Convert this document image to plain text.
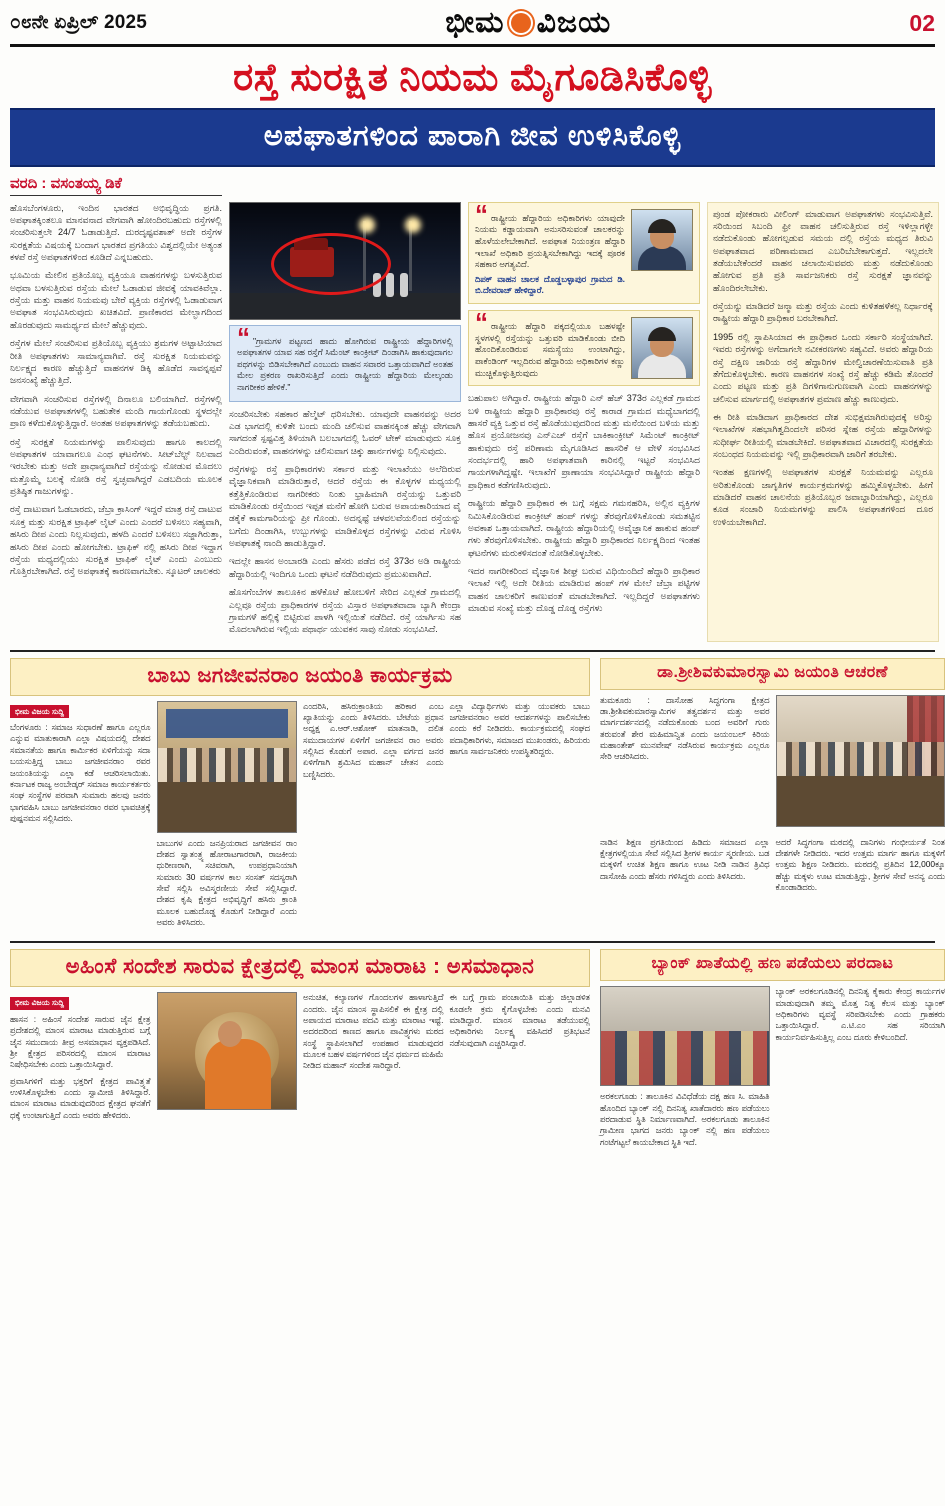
೦೮ನೇ ಏಪ್ರಿಲ್ 2025	ಭೀಮ ವಿಜಯ	02
ರಸ್ತೆ ಸುರಕ್ಷಿತ ನಿಯಮ ಮೈಗೂಡಿಸಿಕೊಳ್ಳಿ
ಅಪಘಾತಗಳಿಂದ ಪಾರಾಗಿ ಜೀವ ಉಳಿಸಿಕೊಳ್ಳಿ
ವರದಿ : ವಸಂತಯ್ಯ ಡಿಕೆ

ಹೊಸಬೆಂಗಳೂರು, ಇಂದಿನ ಭಾರತದ ಅಭಿವೃದ್ಧಿಯ ಪ್ರಗತಿ. ಅಪಘಾತಕ್ಕಿಂತಲೂ ಮಾನವನಾದ ವೇಗವಾಗಿ ಹೋಂದಿರಬಹುದು ರಸ್ತೆಗಳಲ್ಲಿ ಸಂಚರಿಸುತ್ತಲೇ 24/7 ಓಡಾಡುತ್ತಿದೆ. ದುರದೃಷ್ಟವಶಾತ್ ಅದೇ ರಸ್ತೆಗಳ ಸುರಕ್ಷತೆಯ ವಿಷಯಕ್ಕೆ ಬಂದಾಗ ಭಾರತದ ಪ್ರಗತಿಯು ವಿಶ್ವದಲ್ಲಿಯೇ ಅತ್ಯಂತ ಕಳಪೆ ರಸ್ತೆ ಅಪಘಾತಗಳಿಂದ ಕೂಡಿದೆ ಎನ್ನಬಹುದು.

ಭೂಮಿಯ ಮೇಲಿನ ಪ್ರತಿಯೊಬ್ಬ ವ್ಯಕ್ತಿಯೂ ವಾಹನಗಳನ್ನು ಬಳಸುತ್ತಿರುವ ಅಥವಾ ಬಳಸುತ್ತಿರುವ ರಸ್ತೆಯ ಮೇಲೆ ಓಡಾಡುವ ಜೀವಕ್ಕೆ ಯಾವಕಿವೆಲ್ಲಾ. ರಸ್ತೆಯ ಮತ್ತು ವಾಹನ ನಿಯಮವು ಬೇರೆ ವ್ಯಕ್ತಿಯ ರಸ್ತೆಗಳಲ್ಲಿ ಓಡಾಡುವಾಗ ಅವಘಾತ ಸಂಭವಿಸಿರುವುದು ಖಚಿತವಿದೆ. ಪ್ರಾಣಿಕಾರದ ಮೇಲ್ಭಾಗದಿಂದ ಹೊರಡುವುದು ಸಾಮರ್ಥ್ಯದ ಮೇಲೆ ಹೆಚ್ಚುವುದು.

ರಸ್ತೆಗಳ ಮೇಲೆ ಸಂಚರಿಸುವ ಪ್ರತಿಯೊಬ್ಬ ವ್ಯಕ್ತಿಯು ಶ್ರಮಗಳ ಅಟ್ಟಾಟಿಯಾದ ರೀತಿ ಅಪಘಾತಗಳು ಸಾಮಾನ್ಯವಾಗಿವೆ. ರಸ್ತೆ ಸುರಕ್ಷಿತ ನಿಯಮವನ್ನು ನಿರ್ಲಕ್ಷ್ಯದ ಕಾರಣ ಹೆಚ್ಚುತ್ತಿದೆ ವಾಹನಗಳ ಡಿಕ್ಕಿ ಹೊಡೆದ ಸಾವನ್ನಪ್ಪವೆ ಜನಸಂಖ್ಯೆ ಹೆಚ್ಚುತ್ತಿದೆ.

ವೇಗವಾಗಿ ಸಂಚರಿಸುವ ರಸ್ತೆಗಳಲ್ಲಿ ದಿನಾಲೂ ಬಲಿಯಾಗಿದೆ. ರಸ್ತೆಗಳಲ್ಲಿ ನಡೆಯುವ ಅಪಘಾತಗಳಲ್ಲಿ ಬಹುತೇಕ ಮಂದಿ ಗಾಯಗೊಂಡು ಸ್ಥಳದಲ್ಲೇ ಪ್ರಾಣ ಕಳೆದುಕೊಳ್ಳುತ್ತಿದ್ದಾರೆ. ಅಂತಹ ಅಪಘಾತಗಳನ್ನು ತಡೆಯಬಹುದು.

ರಸ್ತೆ ಸುರಕ್ಷತೆ ನಿಯಮಗಳನ್ನು ಪಾಲಿಸುವುದು ಹಾಗೂ ಕಾಲದಲ್ಲಿ ಅಪಘಾತಗಳ ಯಾವಾಗಲೂ ಎಂಥ ಘಟನೆಗಳು. ಸೀಟ್‍ಬೆಲ್ಟ್ ನಿಲವಾದ ಇರಬೇಕು ಮತ್ತು ಅದೇ ಪ್ರಾಧಾನ್ಯವಾಗಿದೆ ರಸ್ತೆಯನ್ನು ನೋಡುವ ಮೊದಲು ಮತ್ತೊಮ್ಮೆ ಬಲಕ್ಕೆ ನೋಡಿ ರಸ್ತೆ ಸ್ವಚ್ಛವಾಗಿದ್ದರೆ ಎಡಬದಿಯ ಮೂಲಕ ಪ್ರತಿಷ್ಠಿತ ಗಾಜುಗಳನ್ನು.

ರಸ್ತೆ ದಾಟುವಾಗ ಓಡಬಾರದು, ಜೆಬ್ರಾ ಕ್ರಾಸಿಂಗ್ ಇದ್ದರೆ ಮಾತ್ರ ರಸ್ತೆ ದಾಟುವ ಸೂಕ್ತ ಮತ್ತು ಸುರಕ್ಷಿತ ಟ್ರಾಫಿಕ್ ಲೈಟ್ ಎಂದು ಎಂದರೆ ಬಳಿಸಲು ಸಹ್ಯವಾಗಿ, ಹಸಿರು ದೀಪ ಎಂದು ನಿಲ್ಲಸುವುದು, ಹಳದಿ ಎಂದರೆ ಬಳಿಸಲು ಸಜ್ಜಾಗಿರುತ್ತಾ, ಹಸಿರು ದೀಪ ಎಂದು ಹೋಗಬೇಕು. ಟ್ರಾಫಿಕ್ ನಲ್ಲಿ ಹಸಿರು ದೀಪ ಇದ್ದಾಗ ರಸ್ತೆಯ ಮಧ್ಯದಲ್ಲಿಯು ಸುರಕ್ಷಿತ ಟ್ರಾಫಿಕ್ ಲೈಟ್ ಎಂದು ಎಂಬುದು ಗೊತ್ತಿರಬೇಕಾಗಿದೆ. ರಸ್ತೆ ಅಪಘಾತಕ್ಕೆ ಕಾರಣವಾಗಬೇಕು. ಸ್ಕೂಟರ್ ಚಾಲಕರು

“ "ಗ್ರಾಮಗಳ ಪಟ್ಟಣದ ಹಾದು ಹೋಗಿರುವ ರಾಷ್ಟ್ರೀಯ ಹೆದ್ದಾರಿಗಳಲ್ಲಿ ಅಪಘಾತಗಳ ಯಾವ ಸಹ ರಸ್ತೆಗೆ ಸಿಮೆಂಟ್ ಕಾಂಕ್ರೀಟ್ ದಿಂಡಾಗಿಸಿ ಹಾಕುವುದಾಗಲ ಪಥಗಳನ್ನು ಬಿಡಿಸಬೇಕಾಗಿದೆ ಎಂಬುದು ವಾಹನ ಸವಾರರ ಒತ್ತಾಯವಾಗಿದೆ ಅಂತಹ ಮೇಲ ಪ್ರಕರಣ ರಾಖರಿಸುತ್ತಿದೆ ಎಂದು ರಾಷ್ಟ್ರೀಯ ಹೆದ್ದಾರಿಯ ಮೇಲ್ಕಂಡು ನಾಗರೀಕರ ಹೇಳಿಕೆ."

ಸಂಚರಿಸಬೇಕು ಸಹಕಾರ ಹೆಲ್ಮೆಟ್ ಧರಿಸಬೇಕು. ಯಾವುದೇ ವಾಹನವನ್ನು ಅದರ ಎಡ ಭಾಗದಲ್ಲಿ ಕುಳಿತೇ ಬಂದು ಮಂದಿ ಚಲಿಸುವ ವಾಹನಕ್ಕಿಂತ ಹೆಚ್ಚು ವೇಗವಾಗಿ ಸಾಗದಂತೆ ಸ್ಪಷ್ಟವಿತ್ತ ತಿಳಿಯಾಗಿ ಬಲಬಾಗದಲ್ಲಿ ಓವರ್ ಟೇಕ್ ಮಾಡುವುದು ಸೂಕ್ತ ಎಂದಿರುವಂತೆ, ವಾಹನಗಳನ್ನು ಚಲಿಸುವಾಗ ಚಿಕ್ಕು ಹಾರ್ನಗಳನ್ನು ನಿಲ್ಲಿಸುವುದು.

ರಸ್ತೆಗಳನ್ನು ರಸ್ತೆ ಪ್ರಾಧಿಕಾರಗಳು ಸರ್ಕಾರ ಮತ್ತು ಇಲಾಖೆಯು ಅಲೆದಿರುವ ವೈಜ್ಞಾನಿಕವಾಗಿ ಮಾಡಿರುತ್ತಾರೆ, ಆದರೆ ರಸ್ತೆಯ ಈ ಕೊಳ್ಳಗಳ ಮಧ್ಯಯಲ್ಲಿ ಕತ್ತೆತ್ತಿಕೊಂಡಿರುವ ನಾಗರೀಕರು ನಿಂತು ಭ್ರಾಹಿಮಾಗಿ ರಸ್ತೆಯನ್ನು ಒತ್ತುವರಿ ಮಾಡಿಕೊಂಡು ರಸ್ತೆಯಿಂದ ಇಪ್ಪತ ಮನೆಗೆ ಹೋಗಿ ಬರುವ ಅಪಾಯಕಾರಿಯಾದ ವೈ ಡಕೈಕೆ ಕಾಮಗಾರಿಯನ್ನು ಪ್ರೀ ಗೊಂಡು. ಅದನ್ನಷ್ಟೆ ಚಳವಲವೆಯಲಿಂದ ರಸ್ತೆಯನ್ನು ಬಗೆದು ದಿಂಡಾಗಿಸಿ, ಉಬ್ಬುಗಳನ್ನು ಮಾಡಿಕೊಳ್ಳದ ರಸ್ತೆಗಳನ್ನು ವಿರುವ ಗೊಳಿಸಿ ಅಪಘಾತಕ್ಕೆ ನಾಂದಿ ಹಾಡುತ್ತಿದ್ದಾರೆ.

ಇದಲ್ಲೇ ಹಾಸನ ಅಂಬಾರಡಿ ಎಂದು ಹೆಸರು ಪಡೆದ ರಸ್ತೆ 373ರ ಅಡಿ ರಾಷ್ಟ್ರೀಯ ಹೆದ್ದಾರಿಯಲ್ಲಿ ಇಂದಿಗೂ ಒಂದು ಘಟನೆ ನಡೆದಿರುವುದು ಪ್ರಮುಖವಾಗಿದೆ.

ಹೊಸಗೆಂಬೆಗಳ ತಾಲೂಕಿನ ಹಳೆಕೊಟೆ ಹೋಬಳಿಗೆ ಸೇರಿದ ಎಲ್ಲಕಡೆ ಗ್ರಾಮದಲ್ಲಿ ಎಲ್ಲವೂ ರಸ್ತೆಯ ಪ್ರಾಧಿಕಾರಗಳ ರಸ್ತೆಯ ವಿಸ್ತಾರ ಅಪಘಾತವಾದಾ ಬ್ಯಾಗಿ ಕೇಂದ್ರಾ ಗ್ರಾಮಗಳೆ ಹಲ್ಲಿಕ್ಕೆ ಬಿಟ್ಟಿರುವ ಪಾಳಗಿ ಇಲ್ಲಿಯಿತೆ ನಡೆದಿದೆ. ರಸ್ತೆ ಯಾರ್ಗಿಸು ಸಹ ಮೊದಲಾಗಿರುವ ಇಲ್ಲಿಯ ಪಥಾರ್ಥ ಯುವಕನ ಸಾವು ನೋಡು ಸಂಭವಿಸಿದೆ.

“ ರಾಷ್ಟ್ರೀಯ ಹೆದ್ದಾರಿಯ ಅಧಿಕಾರಿಗಳು ಯಾವುದೇ ನಿಯಮ ಕಡ್ಡಾಯವಾಗಿ ಅನುಸರಿಸುವಂತೆ ಚಾಲಕರನ್ನು ಹೊಳೆಯಲೇಬೇಕಾಗಿದೆ. ಅಪಘಾತ ನಿಯಂತ್ರಣ ಹೆದ್ದಾರಿ ಇಲಾಖೆ ಅಧಿಕಾರಿ ಪ್ರಯತ್ನಿಸಬೇಕಾಗಿದ್ದು ಇದಕ್ಕೆ ಪೂರಕ ಸಹಕಾರ ಅಗತ್ಯವಿದೆ.
ದಿಪಕ್ ವಾಹನ ಚಾಲಕ ದೊಡ್ಡಬಳ್ಳಾಪುರ ಗ್ರಾಮದ ಡಿ. ಬಿ.ದೇವರಾಜ್ ಹೇಳಿದ್ದಾರೆ.
“ ರಾಷ್ಟ್ರೀಯ ಹೆದ್ದಾರಿ ಪಕ್ಕದಲ್ಲಿಯೂ ಬಹಳಷ್ಟೇ ಸ್ಥಳಗಳಲ್ಲಿ ರಸ್ತೆಯನ್ನು ಒತ್ತುವರಿ ಮಾಡಿಕೊಂಡು ಬೀದಿ ಹೊಂದಿಕೊಂಡಿರುವ ಸಮಸ್ಯೆಯು ಉಂಟಾಗಿದ್ದು, ಪಾಕೆಂಡಿಂಗ್ ಇಲ್ಲದಿರುವ ಹೆದ್ದಾರಿಯ ಅಧಿಕಾರಿಗಳ ಕಣ್ಣು ಮುಚ್ಚಿಕೊಳ್ಳುತ್ತಿರುವುದು

ಬಹುಪಾಲ ಅಗಿದ್ದಾರೆ. ರಾಷ್ಟ್ರೀಯ ಹೆದ್ದಾರಿ ಎನ್ ಹೆಚ್ 373ರ ಎಲ್ಲಕಡೆ ಗ್ರಾಮದ ಬಳಿ ರಾಷ್ಟ್ರೀಯ ಹೆದ್ದಾರಿ ಪ್ರಾಧಿಕಾರವು ರಸ್ತೆ ಕಾರಾಡ ಗ್ರಾಮದ ಮಧ್ಯೆಬಾಗದಲ್ಲಿ ಹಾಸರೆ ವ್ಯಕ್ತಿ ಒತ್ತುವ ರಸ್ತೆ ಹೊಡೆಯುವುದರಿಂದ ಮತ್ತು ಮನೆಯಿಂದ ಬಳಿಯ ಮತ್ತು ಹೊಸ ಪ್ರಯೋಜನವು ಎನ್‍ಎಚ್ ರಸ್ತೆಗೆ ಬಾಕಿಕಾಂಕ್ರೀಟ್ ಸಿಮೆಂಟ್ ಕಾಂಕ್ರೀಟ್ ಹಾಕುವುದು ರಸ್ತೆ ಪರಿಣಾಮ ಮೈಗೂಡಿಸಿದ ಹಾಸರಿಕೆ ಆ ವೇಳೆ ಸಂಭವಿಸಿದ ಸಂದರ್ಭದಲ್ಲಿ ಹಾರಿ ಅಪಘಾತವಾಗಿ ಕಾರಿನಲ್ಲಿ ಇಟ್ಟರೆ ಸಂಭವಿಸಿದ ಗಾಯಗಳಾಗಿದ್ದಷ್ಟೇ. ಇಲಾಖೆಗೆ ಪ್ರಾಣಾಯಾ ಸಂಭವಿಸಿದ್ದಾರೆ ರಾಷ್ಟ್ರೀಯ ಹೆದ್ದಾರಿ ಪ್ರಾಧಿಕಾರ ಕಡೆಗಣಿಸಿರುವುದು.

ರಾಷ್ಟ್ರೀಯ ಹೆದ್ದಾರಿ ಪ್ರಾಧಿಕಾರ ಈ ಬಗ್ಗೆ ಸಕ್ಷಮ ಗಮನಹರಿಸಿ, ಅಲ್ಲಿನ ವ್ಯಕ್ತಿಗಳ ನಿಮಿಸಿಕೊಂಡಿರುವ ಕಾಂಕ್ರೀಟ್ ಹಂಪ್ ಗಳನ್ನು ತೆರವುಗೊಳಿಸಿಕೊಂಡು ಸಮತಟ್ಟಿನ ಅವಕಾಶ ಒತ್ತಾಯವಾಗಿದೆ. ರಾಷ್ಟ್ರೀಯ ಹೆದ್ದಾರಿಯಲ್ಲಿ ಅವೈಜ್ಞಾನಿಕ ಹಾಕುವ ಹಂಪ್ ಗಳು ತೆರವುಗೊಳಿಸಬೇಕು. ರಾಷ್ಟ್ರೀಯ ಹೆದ್ದಾರಿ ಪ್ರಾಧಿಕಾರದ ನಿರ್ಲಕ್ಷ್ಯದಿಂದ ಇಂತಹ ಘಟನೆಗಳು ಮರುಕಳಿಸದಂತೆ ನೋಡಿಕೊಳ್ಳಬೇಕು.

ಇದರ ನಾಗರೀಕರಿಂದ ವೈಜ್ಞಾನಿಕ ಶೀಘ್ರ ಬರುವ ವಿಧಿಯಿಂದಿದೆ ಹೆದ್ದಾರಿ ಪ್ರಾಧಿಕಾರ ಇಲಾಖೆ ಇಲ್ಲಿ ಅದೇ ರೀತಿಯ ಮಾಡಿರುವ ಹಂಪ್ ಗಳ ಮೇಲೆ ಜೆಬ್ರಾ ಪಟ್ಟಿಗಳ ವಾಹನ ಚಾಲಕರಿಗೆ ಕಾಣುವಂತೆ ಮಾಡಬೇಕಾಗಿದೆ. ಇಲ್ಲದಿದ್ದರೆ ಅಪಘಾತಗಳು ಮಾಡುವ ಸಂಖ್ಯೆ ಮತ್ತು ದೊಡ್ಡ ದೊಡ್ಡ ರಸ್ತೆಗಳು

ಪುಂಡ ಪೋಕರಾರು ವೀಲಿಂಗ್ ಮಾಡುವಾಗ ಅಪಘಾತಗಳು ಸಂಭವಿಸುತ್ತಿವೆ. ಸರಿಯಿಂದ ಸಿಬಂದಿ ಫ್ರೀ ವಾಹನ ಚಲಿಸುತ್ತಿರುವ ರಸ್ತೆ ಇಳಿಲ್ಲಾಗಳ್ಳೇ ನಡೆದುಕೊಂಡು ಹೋಗಲ್ಪಡುವ ಸಮಯ ದಲ್ಲಿ ರಸ್ತೆಯ ಮಧ್ಯದ ತಿರುವಿ ಅಪಘಾತವಾದ ಪರಿಣಾಮವಾದ ಎಬರಿಬೆಬೇಕಾಗುತ್ತದೆ. ಇಲ್ಲದಲೇ ತಡೆಯಬೇಕೆಂದರೆ ವಾಹನ ಚಲಾಯಿಸುವವರು ಮತ್ತು ನಡೆದುಕೊಂಡು ಹೋಗುವ ಪ್ರತಿ ಪ್ರತಿ ಸಾರ್ವಜನಿಕರು ರಸ್ತೆ ಸುರಕ್ಷತೆ ಜ್ಞಾನವನ್ನು ಹೊಂದಿರಲೇಬೇಕು.

ರಸ್ತೆಯನ್ನು ಮಾಡಿದರೆ ಜನ್ಮಾ ಮತ್ತು ರಸ್ತೆಯ ಎಂದು ಕುಳಿತಹಳೆಕಲ್ಲ ನಿರ್ಧಾರಕ್ಕೆ ರಾಷ್ಟ್ರೀಯ ಹೆದ್ದಾರಿ ಪ್ರಾಧಿಕಾರ ಬರಬೇಕಾಗಿದೆ.

1995 ರಲ್ಲಿ ಸ್ಥಾಪಿಸಿಯಾದ ಈ ಪ್ರಾಧಿಕಾರ ಒಂದು ಸರ್ಕಾರಿ ಸಂಸ್ಥೆಯಾಗಿದೆ. ಇವರು ರಸ್ತೆಗಳನ್ನು ಅಗೆದಾಗಲೇ ನವೀಕರಣಗಳು ಸಹ್ಯವಿದೆ. ಅವರು ಹೆದ್ದಾರಿಯ ರಸ್ತೆ ದಕ್ಷಿಣ ಜಾರಿಯ ರಸ್ತೆ ಹೆದ್ದಾರಿಗಳ ಮೇಲ್ವಿಚಾರಣೆಯಿಸುವಾತಿ ಪ್ರತಿ ತೆಗೆದುಕೊಳ್ಳಬೇಕು. ಕಾರಣ ವಾಹನಗಳ ಸಂಖ್ಯೆ ರಸ್ತೆ ಹೆಚ್ಚು ಕಡಿಮೆ ತೊಂದರೆ ಎಂದು ಪಟ್ಟಣ ಮತ್ತು ಪ್ರತಿ ದಿಗಳಿಗಾನುಗುಣವಾಗಿ ಎಂದು ವಾಹನಗಳನ್ನು ಚಲಿಸುವ ಮಾರ್ಗದಲ್ಲಿ ಅಪಘಾತಗಳ ಪ್ರಮಾಣ ಹೆಚ್ಚು ಕಾಣುವುದು.

ಈ ರೀತಿ ಮಾಡಿದಾಗ ಪ್ರಾಧಿಕಾರದ ದೇಶ ಸುಭಿಕ್ಷಮಾಗಿರುವುದಕ್ಕೆ ಅರಿಸ್ಸು ಇಲಾಖೆಗಳ ಸಹಭಾಗಿತ್ವದಿಂದಲೇ ಪರಿಸರ ಸ್ನೇಹ ರಸ್ತೆಯ ಹೆದ್ದಾರಿಗಳನ್ನು ಸುಧೀರ್ಘ ರೀತಿಯಲ್ಲಿ ಮಾಡಬೇಕಿದೆ. ಅಪಘಾತವಾದ ವಿಚಾರದಲ್ಲಿ ಸುರಕ್ಷತೆಯ ಸಂಬಂಧದ ನಿಯಮವನ್ನು ಇಲ್ಲಿ ಪ್ರಾಧಿಕಾರವಾಗಿ ಜಾರಿಗೆ ತರಬೇಕು.

ಇಂತಹ ಕ್ಷಣಗಳಲ್ಲಿ ಅಪಘಾತಗಳ ಸುರಕ್ಷತೆ ನಿಯಮವನ್ನು ಎಲ್ಲರೂ ಅರಿತುಕೊಂಡು ಜಾಗೃತಿಗಳ ಕಾರ್ಯಕ್ರಮಗಳನ್ನು ಹಮ್ಮಿಕೊಳ್ಳಬೇಕು. ಹೀಗೆ ಮಾಡಿದರೆ ವಾಹನ ಚಾಲನೆಯ ಪ್ರತಿಯೊಬ್ಬರ ಜವಾಬ್ದಾರಿಯಾಗಿದ್ದು, ಎಲ್ಲರೂ ಕೂಡ ಸಂಚಾರಿ ನಿಯಮಗಳನ್ನು ಪಾಲಿಸಿ ಅಪಘಾತಗಳಿಂದ ದೂರ ಉಳಿಯಬೇಕಾಗಿದೆ.

ಬಾಬು ಜಗಜೀವನರಾಂ ಜಯಂತಿ ಕಾರ್ಯಕ್ರಮ
ಭೀಮ ವಿಜಯ ಸುದ್ದಿ

ಬೆಂಗಳೂರು : ಸಮಾಜ ಸುಧಾರಣೆ ಹಾಗೂ ಎಲ್ಲರೂ ಎನ್ನುವ ಮಾತುಕಾರಾಗಿ ಎಲ್ಲಾ ವಿಷಯದಲ್ಲಿ ದೇಶದ ಸಮಾನತೆಯ ಹಾಗೂ ಕಾರ್ಮಿಕರ ಏಳಿಗೆಯನ್ನು ಸದಾ ಬಯಸುತ್ತಿದ್ದ ಬಾಬು ಜಗಜೀವನರಾಂ ರವರ ಜಯಂತಿಯನ್ನು ಎಲ್ಲಾ ಕಡೆ ಆಚರಿಸಲಾಯಿತು. ಕರ್ನಾಟಕ ರಾಜ್ಯ ಅಂಬೇಡ್ಕರ್ ಸಮಾಜ ಕಾರ್ಯಕರ್ತರು ಸಂಘ ಸಂಸ್ಥೆಗಳ ಪರವಾಗಿ ಸುಮಾರು ಹಲವು ಜನರು ಭಾಗವಹಿಸಿ ಬಾಬು ಜಗಜೀವನರಾಂ ರವರ ಭಾವಚಿತ್ರಕ್ಕೆ ಪುಷ್ಪನಮನ ಸಲ್ಲಿಸಿದರು.

ಬಾಬುಗಳ ಎಂದು ಜನಪ್ರಿಯರಾದ ಜಗಜೀವನ ರಾಂ ದೇಶದ ಸ್ವಾತಂತ್ರ್ಯ ಹೋರಾಟಗಾರರಾಗಿ, ರಾಜಕೀಯ ಧುರೀಣರಾಗಿ, ಸಚಿವರಾಗಿ, ಉಪಪ್ರಧಾನಿಯಾಗಿ ಸುಮಾರು 30 ವರ್ಷಗಳ ಕಾಲ ಸಂಸತ್ ಸದಸ್ಯರಾಗಿ ಸೇವೆ ಸಲ್ಲಿಸಿ ಅವಿಸ್ಮರಣೀಯ ಸೇವೆ ಸಲ್ಲಿಸಿದ್ದಾರೆ. ದೇಶದ ಕೃಷಿ ಕ್ಷೇತ್ರದ ಅಭಿವೃದ್ಧಿಗೆ ಹಸಿರು ಕ್ರಾಂತಿ ಮೂಲಕ ಬಹುದೊಡ್ಡ ಕೊಡುಗೆ ನೀಡಿದ್ದಾರೆ ಎಂದು ಅವರು ತಿಳಿಸಿದರು.

ಎಂದರಿಸಿ, ಹಸಿರುಕ್ರಾಂತಿಯ ಹರಿಕಾರ ಎಂಬ ಖ್ಯಾತಿಯನ್ನು ಎಂದು ತಿಳಿಸಿದರು. ಬೇಟೆಯ ಪ್ರಧಾನ ಅಧ್ಯಕ್ಷ ಎ.ಆರ್.ಆಶೋಕ್ ಮಾತನಾಡಿ, ದಲಿತ ಸಮುದಾಯಗಳ ಏಳಿಗೆಗೆ ಜಗಜೀವನ ರಾಂ ಅವರು ಸಲ್ಲಿಸಿದ ಕೊಡುಗೆ ಅಪಾರ. ಎಲ್ಲಾ ವರ್ಗದ ಜನರ ಏಳಿಗೆಗಾಗಿ ಶ್ರಮಿಸಿದ ಮಹಾನ್ ಚೇತನ ಎಂದು ಬಣ್ಣಿಸಿದರು.

ಎಲ್ಲಾ ವಿದ್ಯಾರ್ಥಿಗಳು ಮತ್ತು ಯುವಕರು ಬಾಬು ಜಗಜೀವನರಾಂ ಅವರ ಆದರ್ಶಗಳನ್ನು ಪಾಲಿಸಬೇಕು ಎಂದು ಕರೆ ನೀಡಿದರು. ಕಾರ್ಯಕ್ರಮದಲ್ಲಿ ಸಂಘದ ಪದಾಧಿಕಾರಿಗಳು, ಸಮಾಜದ ಮುಖಂಡರು, ಹಿರಿಯರು ಹಾಗೂ ಸಾರ್ವಜನಿಕರು ಉಪಸ್ಥಿತರಿದ್ದರು.

ಡಾ.ಶ್ರೀಶಿವಕುಮಾರಸ್ವಾಮಿ ಜಯಂತಿ ಆಚರಣೆ

ತುಮಕೂರು : ದಾಸೋಹ ಸಿದ್ಧಗಂಗಾ ಕ್ಷೇತ್ರದ ಡಾ.ಶ್ರೀಶಿವಕುಮಾರಸ್ವಾಮಿಗಳ ತತ್ವದರ್ಶನ ಮತ್ತು ಅವರ ಮಾರ್ಗದರ್ಶನದಲ್ಲಿ ನಡೆದುಕೊಂಡು ಬಂದ ಅವರಿಗೆ ಗುರು ತರುವಂತೆ ಶೇರ ಮಹಿಮಾನ್ವಿತ ಎಂದು ಜಯಂಬಲ್ ಕಿರಿಯ ಮಹಾಂತೇಶ್ ಮುನವೇಷ್ ನಡೆಸಿರುವ ಕಾರ್ಯಕ್ರಮ ಎಲ್ಲರೂ ಸೇರಿ ಆಚರಿಸಿದರು.

ನಾಡಿನ ಶಿಕ್ಷಣ ಪ್ರಗತಿಯಿಂದ ಹಿಡಿದು ಸಮಾಜದ ಎಲ್ಲಾ ಕ್ಷೇತ್ರಗಳಲ್ಲಿಯೂ ಸೇವೆ ಸಲ್ಲಿಸಿದ ಶ್ರೀಗಳ ಕಾರ್ಯ ಸ್ಮರಣೀಯ. ಬಡ ಮಕ್ಕಳಿಗೆ ಉಚಿತ ಶಿಕ್ಷಣ ಹಾಗೂ ಊಟ ನೀಡಿ ನಾಡಿನ ತ್ರಿವಿಧ ದಾಸೋಹಿ ಎಂದು ಹೆಸರು ಗಳಿಸಿದ್ದರು ಎಂದು ತಿಳಿಸಿದರು.

ಅದರೆ ಸಿದ್ಧಗಂಗಾ ಮಠದಲ್ಲಿ ದಾನಿಗಳು ಗಂಭೀರ್ಯತೆ ನಿಂತ ದೇಶಗಳೇ ನೀಡಿದರು. ಇದರ ಉತ್ತಮ ಮಾರ್ಗ ಹಾಗೂ ಮಕ್ಕಳಿಗೆ ಉತ್ತಮ ಶಿಕ್ಷಣ ನೀಡಿದರು. ಮಠದಲ್ಲಿ ಪ್ರತಿದಿನ 12,000ಕ್ಕೂ ಹೆಚ್ಚು ಮಕ್ಕಳು ಊಟ ಮಾಡುತ್ತಿದ್ದು, ಶ್ರೀಗಳ ಸೇವೆ ಅನನ್ಯ ಎಂದು ಕೊಂಡಾಡಿದರು.

ಅಹಿಂಸೆ ಸಂದೇಶ ಸಾರುವ ಕ್ಷೇತ್ರದಲ್ಲಿ ಮಾಂಸ ಮಾರಾಟ : ಅಸಮಾಧಾನ
ಭೀಮ ವಿಜಯ ಸುದ್ದಿ

ಹಾಸನ : ಅಹಿಂಸೆ ಸಂದೇಶ ಸಾರುವ ಜೈನ ಕ್ಷೇತ್ರ ಪ್ರದೇಶದಲ್ಲಿ ಮಾಂಸ ಮಾರಾಟ ಮಾಡುತ್ತಿರುವ ಬಗ್ಗೆ ಜೈನ ಸಮುದಾಯ ತೀವ್ರ ಅಸಮಾಧಾನ ವ್ಯಕ್ತಪಡಿಸಿದೆ. ಶ್ರೀ ಕ್ಷೇತ್ರದ ಪರಿಸರದಲ್ಲಿ ಮಾಂಸ ಮಾರಾಟ ನಿಷೇಧಿಸಬೇಕು ಎಂದು ಒತ್ತಾಯಿಸಿದ್ದಾರೆ.

ಪ್ರವಾಸಿಗಳಿಗೆ ಮತ್ತು ಭಕ್ತರಿಗೆ ಕ್ಷೇತ್ರದ ಪಾವಿತ್ರ್ಯತೆ ಉಳಿಸಿಕೊಳ್ಳಬೇಕು ಎಂದು ಸ್ವಾಮೀಜಿ ತಿಳಿಸಿದ್ದಾರೆ. ಮಾಂಸ ಮಾರಾಟ ಮಾಡುವುದರಿಂದ ಕ್ಷೇತ್ರದ ಘನತೆಗೆ ಧಕ್ಕೆ ಉಂಟಾಗುತ್ತಿದೆ ಎಂದು ಅವರು ಹೇಳಿದರು.

ಅನುಚಿತ, ಕಲ್ಯಾಣಗಳ ಗೊಂದಲಗಳ ಹಾಳಾಗುತ್ತಿದೆ ಎಂದರು. ಜೈನ ಮಾಂಸ ಸ್ಥಾಪಿಸಲಿಕೆ ಈ ಕ್ಷೇತ್ರ ದಲ್ಲಿ ಅಪಾಯದ ಮಾರಾಟ ಪದವಿ ಮತ್ತು ಮಾರಾಟ ಇಷ್ಟೆ. ಅದರದರಿಂದ ಕಾಣದ ಹಾಗೂ ಪಾವಿತ್ರ್ಯಗಳು ಮಠದ ಸಂಸ್ಥೆ ಸ್ಥಾಪಿಸಲಾಗಿದೆ ಉಪಹಾರ ಮಾಡುವುದರ ಮೂಲಕ ಬಹಳ ವರ್ಷಗಳಿಂದ ಜೈನ ಧರ್ಮದ ಮಹಿಮೆ ನೀಡಿದ ಮಹಾನ್ ಸಂದೇಶ ಸಾರಿದ್ದಾರೆ.

ಈ ಬಗ್ಗೆ ಗ್ರಾಮ ಪಂಚಾಯಿತಿ ಮತ್ತು ಜಿಲ್ಲಾಡಳಿತ ಕೂಡಲೇ ಕ್ರಮ ಕೈಗೊಳ್ಳಬೇಕು ಎಂದು ಮನವಿ ಮಾಡಿದ್ದಾರೆ. ಮಾಂಸ ಮಾರಾಟ ತಡೆಯುವಲ್ಲಿ ಅಧಿಕಾರಿಗಳು ನಿರ್ಲಕ್ಷ್ಯ ವಹಿಸಿದರೆ ಪ್ರತಿಭಟನೆ ನಡೆಸುವುದಾಗಿ ಎಚ್ಚರಿಸಿದ್ದಾರೆ.

ಬ್ಯಾಂಕ್ ಖಾತೆಯಲ್ಲಿ ಹಣ ಪಡೆಯಲು ಪರದಾಟ

ಅರಕಲಗೂಡು : ತಾಲೂಕಿನ ವಿವಿಧೆಡೆಯ ದಕ್ಷ ಹಣ ಸಿ. ಮಾಹಿತಿ ಹೊಂದಿದ ಬ್ಯಾಂಕ್ ನಲ್ಲಿ ದಿನನಿತ್ಯ ಖಾತೆದಾರರು ಹಣ ಪಡೆಯಲು ಪರದಾಡುವ ಸ್ಥಿತಿ ನಿರ್ಮಾಣವಾಗಿದೆ. ಅರಕಲಗೂಡು ತಾಲೂಕಿನ ಗ್ರಾಮೀಣ ಭಾಗದ ಜನರು ಬ್ಯಾಂಕ್ ನಲ್ಲಿ ಹಣ ಪಡೆಯಲು ಗಂಟೆಗಟ್ಟಲೆ ಕಾಯಬೇಕಾದ ಸ್ಥಿತಿ ಇದೆ.

ಬ್ಯಾಂಕ್ ಅರಕಲಗೂಡಿನಲ್ಲಿ ದಿನನಿತ್ಯ ಕೈಕಾರು ಕೇಂದ್ರ ಕಾರ್ಯಗಳ ಮಾಡುವುದಾಗಿ ತಮ್ಮ ಮೊತ್ತ ನಿತ್ಯ ಕೆಲಸ ಮತ್ತು ಬ್ಯಾಂಕ್ ಅಧಿಕಾರಿಗಳು ವ್ಯವಸ್ಥೆ ಸರಿಪಡಿಸಬೇಕು ಎಂದು ಗ್ರಾಹಕರು ಒತ್ತಾಯಿಸಿದ್ದಾರೆ. ಎ.ಟಿ.ಎಂ ಸಹ ಸರಿಯಾಗಿ ಕಾರ್ಯನಿರ್ವಹಿಸುತ್ತಿಲ್ಲ ಎಂಬ ದೂರು ಕೇಳಿಬಂದಿದೆ.
